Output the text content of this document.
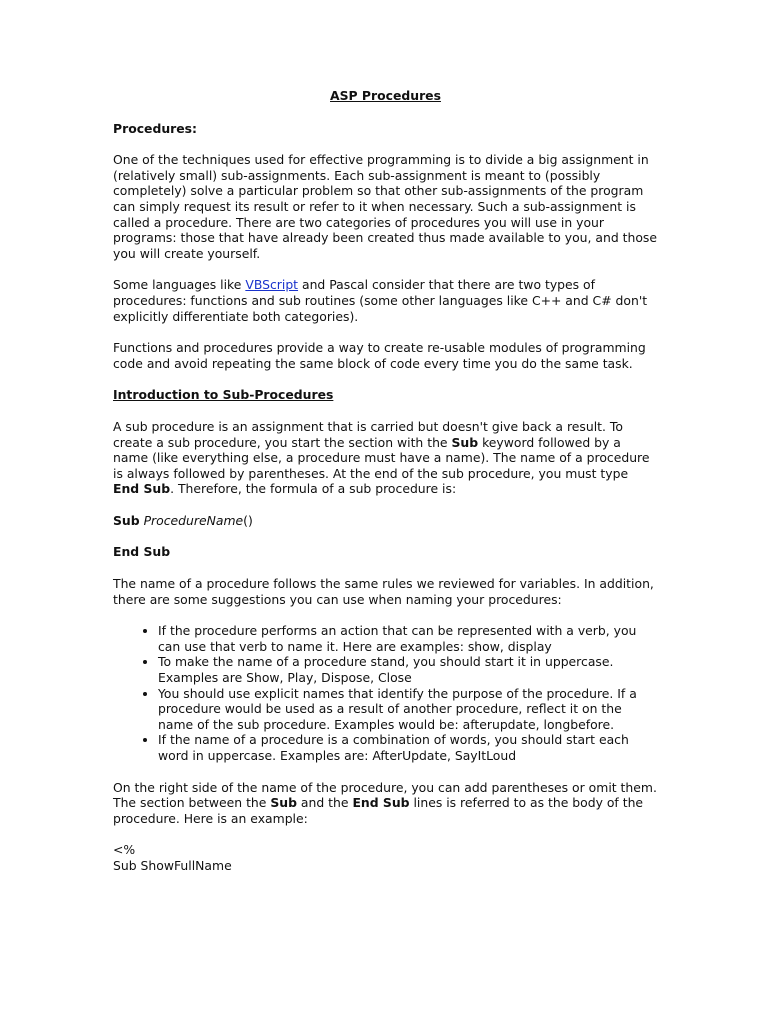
ASP Procedures
Procedures:

One of the techniques used for effective programming is to divide a big assignment in (relatively small) sub-assignments. Each sub-assignment is meant to (possibly completely) solve a particular problem so that other sub-assignments of the program can simply request its result or refer to it when necessary. Such a sub-assignment is called a procedure. There are two categories of procedures you will use in your programs: those that have already been created thus made available to you, and those you will create yourself.

Some languages like VBScript and Pascal consider that there are two types of procedures: functions and sub routines (some other languages like C++ and C# don't explicitly differentiate both categories).

Functions and procedures provide a way to create re-usable modules of programming code and avoid repeating the same block of code every time you do the same task.

Introduction to Sub-Procedures

A sub procedure is an assignment that is carried but doesn't give back a result. To create a sub procedure, you start the section with the Sub keyword followed by a name (like everything else, a procedure must have a name). The name of a procedure is always followed by parentheses. At the end of the sub procedure, you must type End Sub. Therefore, the formula of a sub procedure is:

Sub ProcedureName()

End Sub

The name of a procedure follows the same rules we reviewed for variables. In addition, there are some suggestions you can use when naming your procedures:

• If the procedure performs an action that can be represented with a verb, you can use that verb to name it. Here are examples: show, display
• To make the name of a procedure stand, you should start it in uppercase. Examples are Show, Play, Dispose, Close
• You should use explicit names that identify the purpose of the procedure. If a procedure would be used as a result of another procedure, reflect it on the name of the sub procedure. Examples would be: afterupdate, longbefore.
• If the name of a procedure is a combination of words, you should start each word in uppercase. Examples are: AfterUpdate, SayItLoud

On the right side of the name of the procedure, you can add parentheses or omit them. The section between the Sub and the End Sub lines is referred to as the body of the procedure. Here is an example:

<%
Sub ShowFullName
